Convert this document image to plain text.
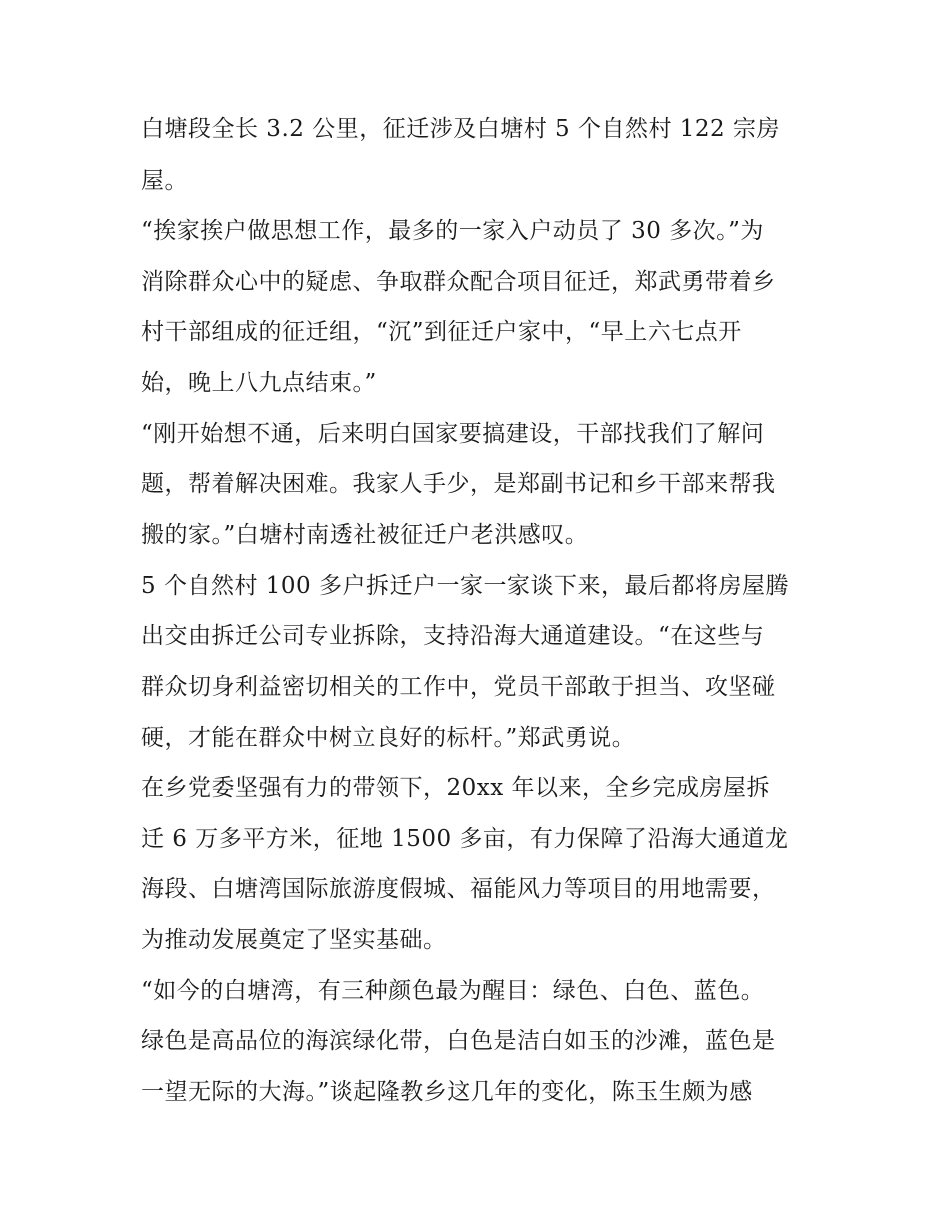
白塘段全长 3.2 公里，征迁涉及白塘村 5 个自然村 122 宗房
屋。
“挨家挨户做思想工作，最多的一家入户动员了 30 多次。”为
消除群众心中的疑虑、争取群众配合项目征迁，郑武勇带着乡
村干部组成的征迁组，“沉”到征迁户家中，“早上六七点开
始，晚上八九点结束。”
“刚开始想不通，后来明白国家要搞建设，干部找我们了解问
题，帮着解决困难。我家人手少，是郑副书记和乡干部来帮我
搬的家。”白塘村南透社被征迁户老洪感叹。
5 个自然村 100 多户拆迁户一家一家谈下来，最后都将房屋腾
出交由拆迁公司专业拆除，支持沿海大通道建设。“在这些与
群众切身利益密切相关的工作中，党员干部敢于担当、攻坚碰
硬，才能在群众中树立良好的标杆。”郑武勇说。
在乡党委坚强有力的带领下，20xx 年以来，全乡完成房屋拆
迁 6 万多平方米，征地 1500 多亩，有力保障了沿海大通道龙
海段、白塘湾国际旅游度假城、福能风力等项目的用地需要，
为推动发展奠定了坚实基础。
“如今的白塘湾，有三种颜色最为醒目：绿色、白色、蓝色。
绿色是高品位的海滨绿化带，白色是洁白如玉的沙滩，蓝色是
一望无际的大海。”谈起隆教乡这几年的变化，陈玉生颇为感
